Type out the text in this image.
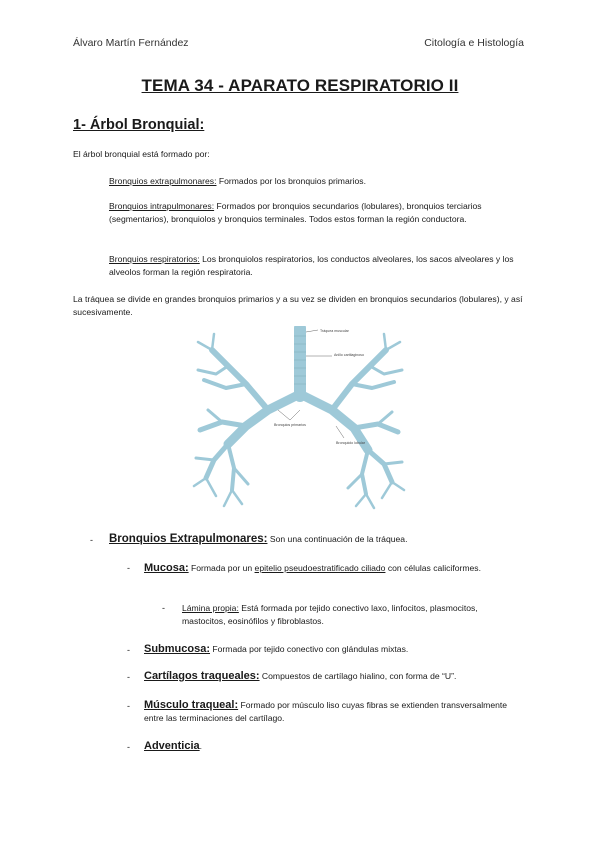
Álvaro Martín Fernández	Citología e Histología
TEMA 34 - APARATO RESPIRATORIO II
1- Árbol Bronquial:
El árbol bronquial está formado por:
Bronquios extrapulmonares: Formados por los bronquios primarios.
Bronquios intrapulmonares: Formados por bronquios secundarios (lobulares), bronquios terciarios (segmentarios), bronquiolos y bronquios terminales. Todos estos forman la región conductora.
Bronquios respiratorios: Los bronquiolos respiratorios, los conductos alveolares, los sacos alveolares y los alveolos forman la región respiratoria.
La tráquea se divide en grandes bronquios primarios y a su vez se dividen en bronquios secundarios (lobulares), y así sucesivamente.
Tráquea muscular
Anillo cartilaginoso
Bronquios primarios
Bronquiolo lobular
- Bronquios Extrapulmonares: Son una continuación de la tráquea.
- Mucosa: Formada por un epitelio pseudoestratificado ciliado con células caliciformes.
- Lámina propia: Está formada por tejido conectivo laxo, linfocitos, plasmocitos, mastocitos, eosinófilos y fibroblastos.
- Submucosa: Formada por tejido conectivo con glándulas mixtas.
- Cartílagos traqueales: Compuestos de cartílago hialino, con forma de “U”.
- Músculo traqueal: Formado por músculo liso cuyas fibras se extienden transversalmente entre las terminaciones del cartílago.
- Adventicia.
